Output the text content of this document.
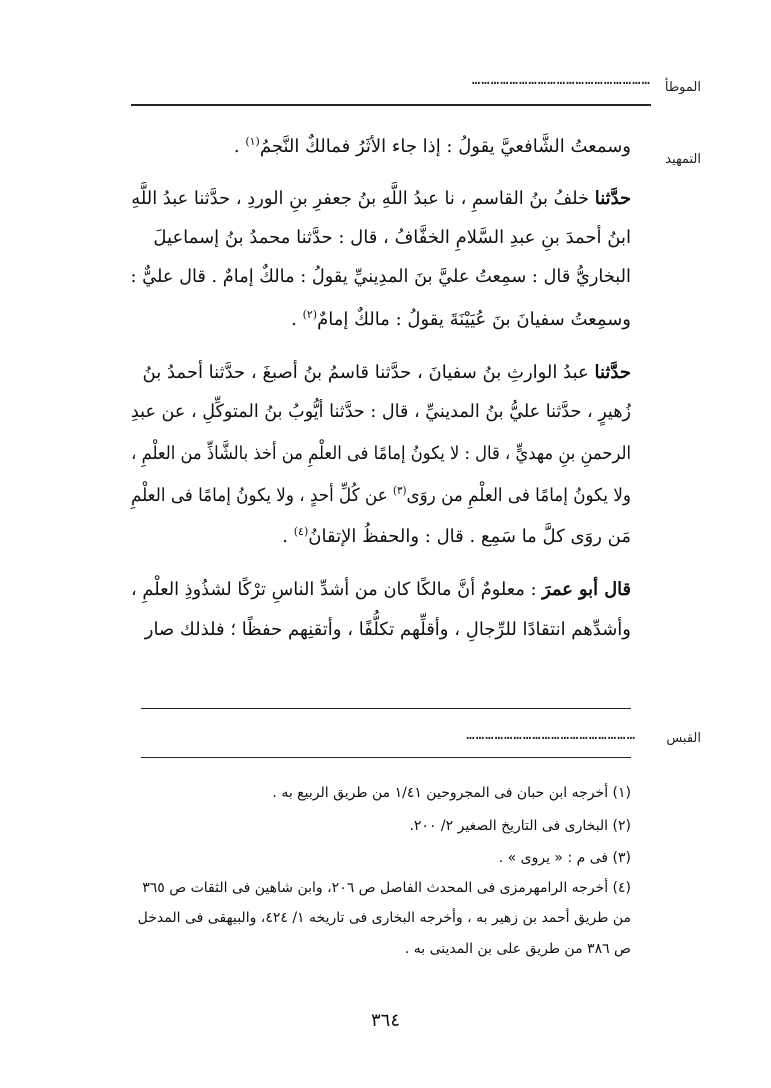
الموطأ
…………………………………………………
التمهيد
وسمعتُ الشَّافعيَّ يقولُ : إذا جاء الأثَرُ فمالكٌ النَّجمُ$^{(١)}$ .
حدَّثنا خلفُ بنُ القاسمِ ، نا عبدُ اللَّهِ بنُ جعفرِ بنِ الوردِ ، حدَّثنا عبدُ اللَّهِ
ابنُ أحمدَ بنِ عبدِ السَّلامِ الخفَّافُ ، قال : حدَّثنا محمدُ بنُ إسماعيلَ
البخاريُّ قال : سمِعتُ عليَّ بنَ المدِينيِّ يقولُ : مالكٌ إمامٌ . قال عليٌّ :
وسمِعتُ سفيانَ بنَ عُيَيْنَةَ يقولُ : مالكٌ إمامٌ$^{(٢)}$ .
حدَّثنا عبدُ الوارثِ بنُ سفيانَ ، حدَّثنا قاسمُ بنُ أصبغَ ، حدَّثنا أحمدُ بنُ
زُهيرٍ ، حدَّثنا عليُّ بنُ المدينيِّ ، قال : حدَّثنا أيُّوبُ بنُ المتوكِّلِ ، عن عبدِ
الرحمنِ بنِ مهديٍّ ، قال : لا يكونُ إمامًا فى العلْمِ من أخذ بالشَّاذِّ من العلْمِ ،
ولا يكونُ إمامًا فى العلْمِ من روَى$^{(٣)}$ عن كُلِّ أحدٍ ، ولا يكونُ إمامًا فى العلْمِ
مَن روَى كلَّ ما سَمِع . قال : والحفظُ الإتقانُ$^{(٤)}$ .
قال أبو عمرَ : معلومٌ أنَّ مالكًا كان من أشدِّ الناسِ ترْكًا لشذُوذِ العلْمِ ،
وأشدِّهم انتقادًا للرِّجالِ ، وأقلِّهم تكلُّفًا ، وأتقنِهم حفظًا ؛ فلذلك صار
القبس
………………………………………………
(١) أخرجه ابن حبان فى المجروحين ١/٤١ من طريق الربيع به .
(٢) البخارى فى التاريخ الصغير ٢/ ٢٠٠.
(٣) فى م : « يروى » .
(٤) أخرجه الرامهرمزى فى المحدث الفاصل ص ٢٠٦، وابن شاهين فى الثقات ص ٣٦٥
من طريق أحمد بن زهير به ، وأخرجه البخارى فى تاريخه ١/ ٤٢٤، والبيهقى فى المدخل
ص ٣٨٦ من طريق على بن المدينى به .
٣٦٤
